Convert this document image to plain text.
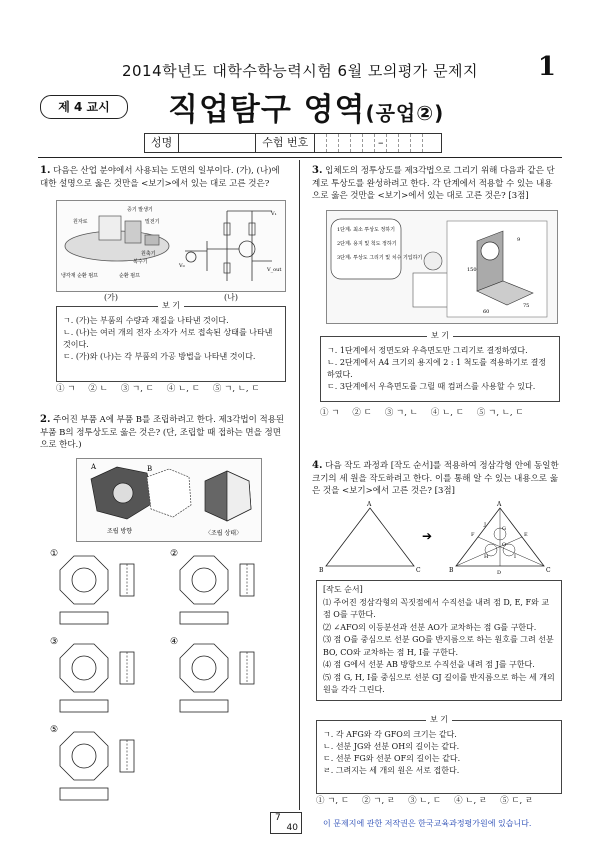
2014학년도 대학수학능력시험 6월 모의평가 문제지	1
제 4 교시	직업탐구 영역(공업②)
성명	수험 번호	–
1. 다음은 산업 분야에서 사용되는 도면의 일부이다. (가), (나)에 대한 설명으로 옳은 것만을 <보기>에서 있는 대로 고른 것은?
증기 발생기
밀전기
원자로
원축기
복수기
냉각재 순환 펌프	순환 펌프
V₀
V_out
V₁
(가)	(나)
보 기
ㄱ. (가)는 부품의 수량과 재질을 나타낸 것이다.
ㄴ. (나)는 여러 개의 전자 소자가 서로 접속된 상태를 나타낸 것이다.
ㄷ. (가)와 (나)는 각 부품의 가공 방법을 나타낸 것이다.
① ㄱ ② ㄴ ③ ㄱ, ㄷ ④ ㄴ, ㄷ ⑤ ㄱ, ㄴ, ㄷ
2. 주어진 부품 A에 부품 B를 조립하려고 한다. 제3각법이 적용된 부품 B의 정투상도로 옳은 것은? (단, 조립할 때 접하는 면을 정면으로 한다.)
A	B
조립 방향	〈조립 상태〉
①	②
③	④
⑤
3. 입체도의 정투상도를 제3각법으로 그리기 위해 다음과 같은 단계로 투상도를 완성하려고 한다. 각 단계에서 적용할 수 있는 내용으로 옳은 것만을 <보기>에서 있는 대로 고른 것은? [3점]
1단계: 최소 투상도 정하기
2단계: 용지 및 척도 정하기
3단계: 투상도 그리기 및 치수 기입하기
150
9
60
75
보 기
ㄱ. 1단계에서 정면도와 우측면도만 그리기로 결정하였다.
ㄴ. 2단계에서 A4 크기의 용지에 2 : 1 척도를 적용하기로 결정하였다.
ㄷ. 3단계에서 우측면도를 그릴 때 컴퍼스를 사용할 수 있다.
① ㄱ ② ㄷ ③ ㄱ, ㄴ ④ ㄴ, ㄷ ⑤ ㄱ, ㄴ, ㄷ
4. 다음 작도 과정과 [작도 순서]를 적용하여 정삼각형 안에 동일한 크기의 세 원을 작도하려고 한다. 이를 통해 알 수 있는 내용으로 옳은 것을 <보기>에서 고른 것은? [3점]
A
B	C
➔
A
B	C
D
E
F
G
H	I
J
O
[작도 순서]
⑴ 주어진 정삼각형의 꼭짓점에서 수직선을 내려 점 D, E, F와 교점 O를 구한다.
⑵ ∠AFO의 이등분선과 선분 AO가 교차하는 점 G를 구한다.
⑶ 점 O를 중심으로 선분 GO를 반지름으로 하는 원호를 그려 선분 BO, CO와 교차하는 점 H, I를 구한다.
⑷ 점 G에서 선분 AB 방향으로 수직선을 내려 점 J를 구한다.
⑸ 점 G, H, I를 중심으로 선분 GJ 길이를 반지름으로 하는 세 개의 원을 각각 그린다.
보 기
ㄱ. 각 AFG와 각 GFO의 크기는 같다.
ㄴ. 선분 JG와 선분 OH의 길이는 같다.
ㄷ. 선분 FG와 선분 OF의 길이는 같다.
ㄹ. 그려지는 세 개의 원은 서로 접한다.
① ㄱ, ㄷ ② ㄱ, ㄹ ③ ㄴ, ㄷ ④ ㄴ, ㄹ ⑤ ㄷ, ㄹ
7
40	이 문제지에 관한 저작권은 한국교육과정평가원에 있습니다.
